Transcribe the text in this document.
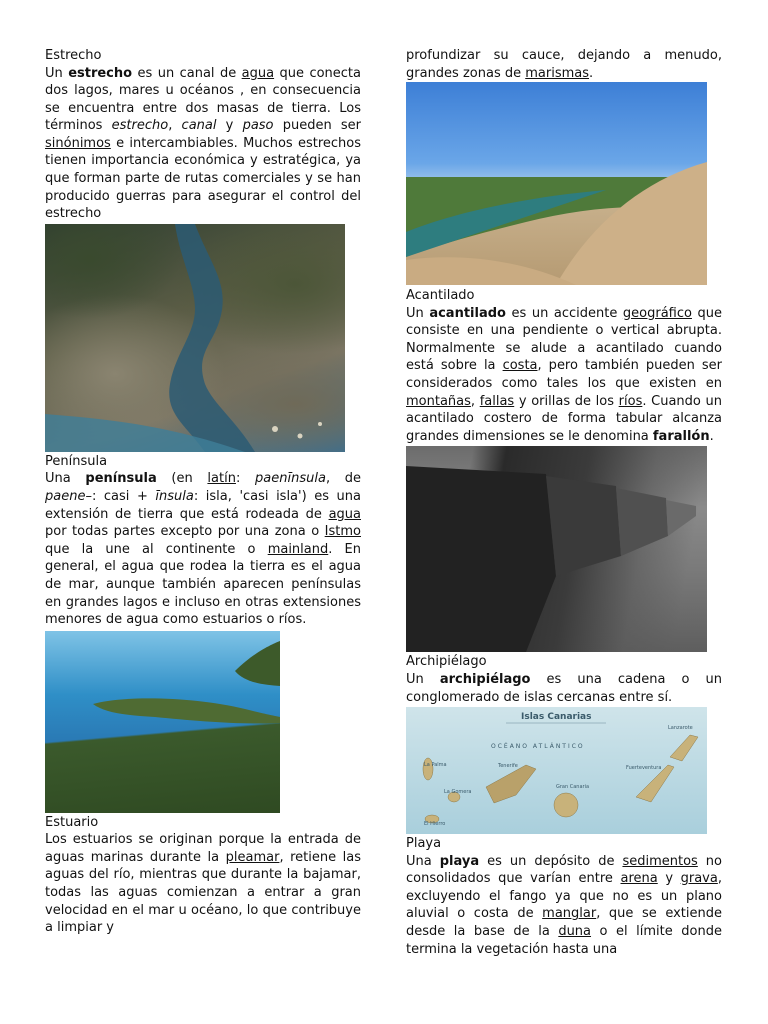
Estrecho

Un estrecho es un canal de agua que conecta dos lagos, mares u océanos , en consecuencia se encuentra entre dos masas de tierra. Los términos estrecho, canal y paso pueden ser sinónimos e intercambiables. Muchos estrechos tienen importancia económica y estratégica, ya que forman parte de rutas comerciales y se han producido guerras para asegurar el control del estrecho

Península

Una península (en latín: paenīnsula, de paene–: casi + īnsula: isla, 'casi isla') es una extensión de tierra que está rodeada de agua por todas partes excepto por una zona o Istmo que la une al continente o mainland. En general, el agua que rodea la tierra es el agua de mar, aunque también aparecen penínsulas en grandes lagos e incluso en otras extensiones menores de agua como estuarios o ríos.

Estuario

Los estuarios se originan porque la entrada de aguas marinas durante la pleamar, retiene las aguas del río, mientras que durante la bajamar, todas las aguas comienzan a entrar a gran velocidad en el mar u océano, lo que contribuye a limpiar y

profundizar su cauce, dejando a menudo, grandes zonas de marismas.

Acantilado

Un acantilado es un accidente geográfico que consiste en una pendiente o vertical abrupta. Normalmente se alude a acantilado cuando está sobre la costa, pero también pueden ser considerados como tales los que existen en montañas, fallas y orillas de los ríos. Cuando un acantilado costero de forma tabular alcanza grandes dimensiones se le denomina farallón.

Archipiélago

Un archipiélago es una cadena o un conglomerado de islas cercanas entre sí.

Islas Canarias
OCÉANO ATLÁNTICO
La Palma
La Gomera
El Hierro
Tenerife
Gran Canaria
Fuerteventura
Lanzarote
Playa

Una playa es un depósito de sedimentos no consolidados que varían entre arena y grava, excluyendo el fango ya que no es un plano aluvial o costa de manglar, que se extiende desde la base de la duna o el límite donde termina la vegetación hasta una
